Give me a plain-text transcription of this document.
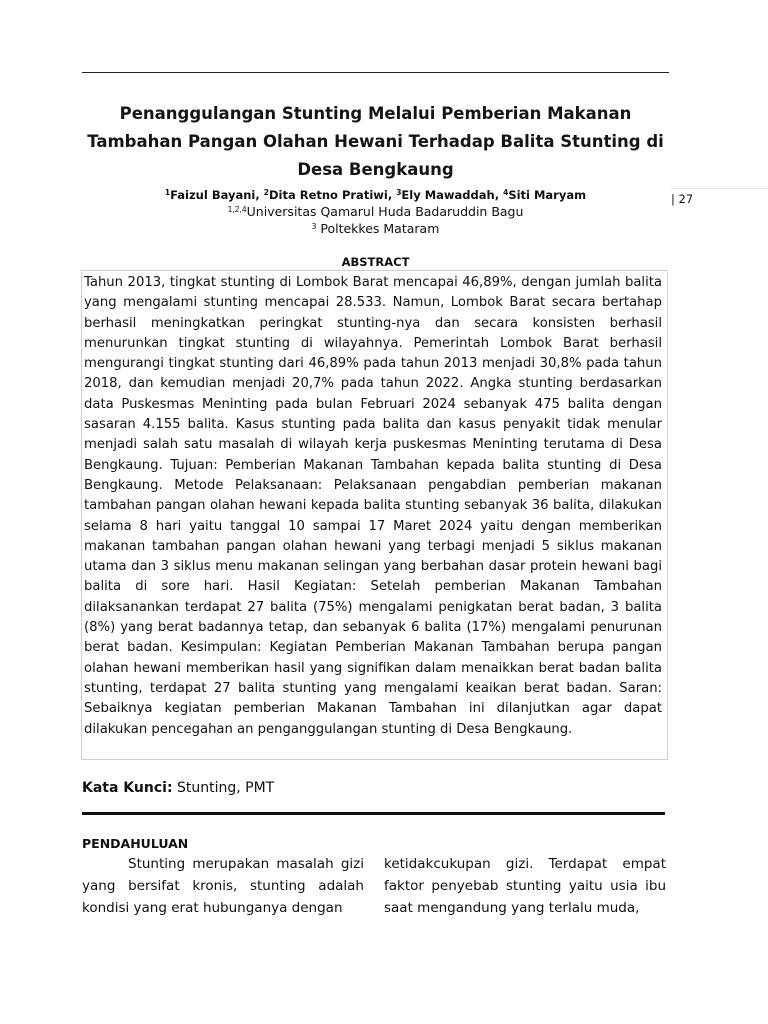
Penanggulangan Stunting Melalui Pemberian Makanan Tambahan Pangan Olahan Hewani Terhadap Balita Stunting di Desa Bengkaung
$^1$Faizul Bayani, $^2$Dita Retno Pratiwi, $^3$Ely Mawaddah, $^4$Siti Maryam
$^{1,2,4}$Universitas Qamarul Huda Badaruddin Bagu
$^3$ Poltekkes Mataram
| 27
ABSTRACT
Tahun 2013, tingkat stunting di Lombok Barat mencapai 46,89%, dengan jumlah balita yang mengalami stunting mencapai 28.533. Namun, Lombok Barat secara bertahap berhasil meningkatkan peringkat stunting-nya dan secara konsisten berhasil menurunkan tingkat stunting di wilayahnya. Pemerintah Lombok Barat berhasil mengurangi tingkat stunting dari 46,89% pada tahun 2013 menjadi 30,8% pada tahun 2018, dan kemudian menjadi 20,7% pada tahun 2022. Angka stunting berdasarkan data Puskesmas Meninting pada bulan Februari 2024 sebanyak 475 balita dengan sasaran 4.155 balita. Kasus stunting pada balita dan kasus penyakit tidak menular menjadi salah satu masalah di wilayah kerja puskesmas Meninting terutama di Desa Bengkaung. Tujuan: Pemberian Makanan Tambahan kepada balita stunting di Desa Bengkaung. Metode Pelaksanaan: Pelaksanaan pengabdian pemberian makanan tambahan pangan olahan hewani kepada balita stunting sebanyak 36 balita, dilakukan selama 8 hari yaitu tanggal 10 sampai 17 Maret 2024 yaitu dengan memberikan makanan tambahan pangan olahan hewani yang terbagi menjadi 5 siklus makanan utama dan 3 siklus menu makanan selingan yang berbahan dasar protein hewani bagi balita di sore hari. Hasil Kegiatan: Setelah pemberian Makanan Tambahan dilaksanankan terdapat 27 balita (75%) mengalami penigkatan berat badan, 3 balita (8%) yang berat badannya tetap, dan sebanyak 6 balita (17%) mengalami penurunan berat badan. Kesimpulan: Kegiatan Pemberian Makanan Tambahan berupa pangan olahan hewani memberikan hasil yang signifikan dalam menaikkan berat badan balita stunting, terdapat 27 balita stunting yang mengalami keaikan berat badan. Saran: Sebaiknya kegiatan pemberian Makanan Tambahan ini dilanjutkan agar dapat dilakukan pencegahan an penganggulangan stunting di Desa Bengkaung.
Kata Kunci: Stunting, PMT
PENDAHULUAN
Stunting merupakan masalah gizi yang bersifat kronis, stunting adalah kondisi yang erat hubunganya dengan
ketidakcukupan gizi. Terdapat empat faktor penyebab stunting yaitu usia ibu saat mengandung yang terlalu muda,
